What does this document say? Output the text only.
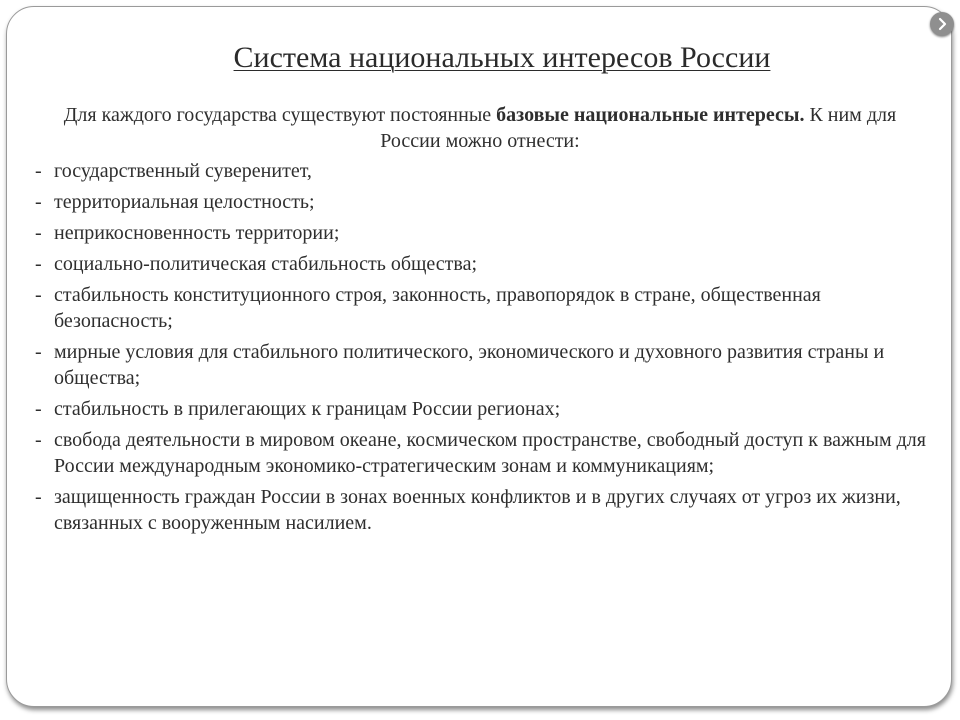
Система национальных интересов России

Для каждого государства существуют постоянные базовые национальные интересы. К ним для России можно отнести:

- государственный суверенитет,
- территориальная целостность;
- неприкосновенность территории;
- социально-политическая стабильность общества;
- стабильность конституционного строя, законность, правопорядок в стране, общественная безопасность;
- мирные условия для стабильного политического, экономического и духовного развития страны и общества;
- стабильность в прилегающих к границам России регионах;
- свобода деятельности в мировом океане, космическом пространстве, свободный доступ к важным для России международным экономико-стратегическим зонам и коммуникациям;
- защищенность граждан России в зонах военных конфликтов и в других случаях от угроз их жизни, связанных с вооруженным насилием.
